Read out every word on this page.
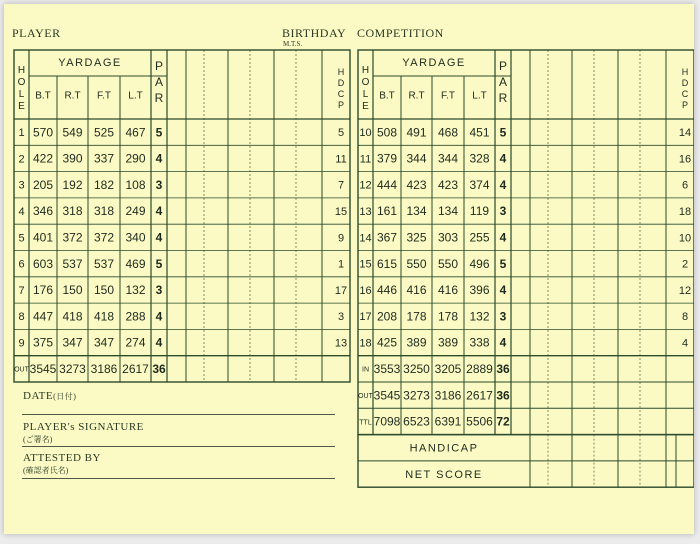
PLAYER	BIRTHDAY
M.T.S.
COMPETITION
H O L E
YARDAGE
B.T R.T F.T L.T
P A R
H D C P
1 570 549 525 467 5	5
2 422 390 337 290 4	11
3 205 192 182 108 3	7
4 346 318 318 249 4	15
5 401 372 372 340 4	9
6 603 537 537 469 5	1
7 176 150 150 132 3	17
8 447 418 418 288 4	3
9 375 347 347 274 4	13
OUT 3545 3273 3186 2617 36
H O L E
YARDAGE
B.T R.T F.T L.T
P A R
H D C P
10 508 491 468 451 5	14
11 379 344 344 328 4	16
12 444 423 423 374 4	6
13 161 134 134 119 3	18
14 367 325 303 255 4	10
15 615 550 550 496 5	2
16 446 416 416 396 4	12
17 208 178 178 132 3	8
18 425 389 389 338 4	4
IN 3553 3250 3205 2889 36
OUT 3545 3273 3186 2617 36
TTL 7098 6523 6391 5506 72
HANDICAP
NET SCORE
DATE(日付)
PLAYER's SIGNATURE
(ご署名)
ATTESTED BY
(確認者氏名)
